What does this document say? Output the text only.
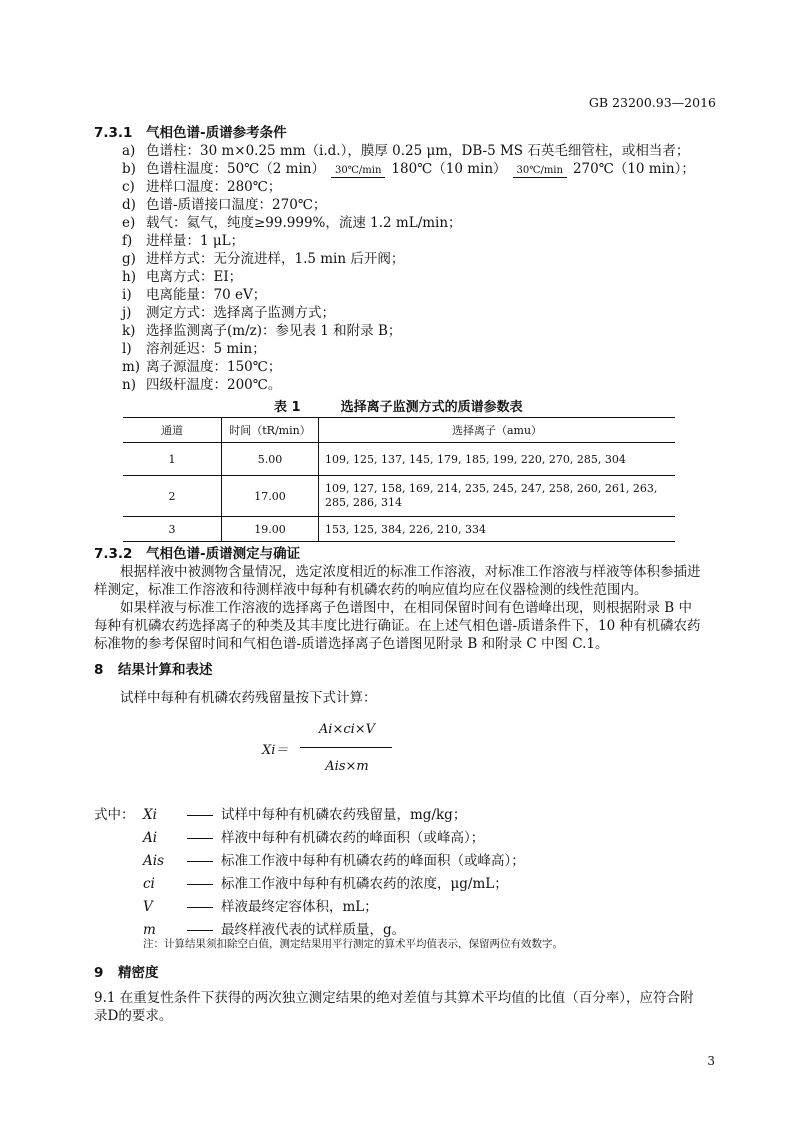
GB 23200.93—2016
7.3.1 气相色谱-质谱参考条件
a) 色谱柱：30 m×0.25 mm（i.d.），膜厚 0.25 μm，DB-5 MS 石英毛细管柱，或相当者；
b) 色谱柱温度：50℃（2 min） 30℃/min 180℃（10 min） 30℃/min 270℃（10 min）；
c) 进样口温度：280℃；
d) 色谱-质谱接口温度：270℃；
e) 载气：氦气，纯度≥99.999%，流速 1.2 mL/min；
f) 进样量：1 μL；
g) 进样方式：无分流进样，1.5 min 后开阀；
h) 电离方式：EI；
i) 电离能量：70 eV；
j) 测定方式：选择离子监测方式；
k) 选择监测离子(m/z)：参见表 1 和附录 B；
l) 溶剂延迟：5 min；
m) 离子源温度：150℃；
n) 四级杆温度：200℃。
表 1	选择离子监测方式的质谱参数表
通道	时间（tR/min）	选择离子（amu）
1	5.00	109, 125, 137, 145, 179, 185, 199, 220, 270, 285, 304
2	17.00	109, 127, 158, 169, 214, 235, 245, 247, 258, 260, 261, 263, 285, 286, 314
3	19.00	153, 125, 384, 226, 210, 334
7.3.2 气相色谱-质谱测定与确证
根据样液中被测物含量情况，选定浓度相近的标准工作溶液，对标准工作溶液与样液等体积参插进
样测定，标准工作溶液和待测样液中每种有机磷农药的响应值均应在仪器检测的线性范围内。
如果样液与标准工作溶液的选择离子色谱图中，在相同保留时间有色谱峰出现，则根据附录 B 中
每种有机磷农药选择离子的种类及其丰度比进行确证。在上述气相色谱-质谱条件下，10 种有机磷农药
标准物的参考保留时间和气相色谱-质谱选择离子色谱图见附录 B 和附录 C 中图 C.1。
8 结果计算和表述
试样中每种有机磷农药残留量按下式计算：
Xi＝
Ai×ci×V
Ais×m
式中： Xi	试样中每种有机磷农药残留量，mg/kg；
Ai	样液中每种有机磷农药的峰面积（或峰高）；
Ais	标准工作液中每种有机磷农药的峰面积（或峰高）；
ci	标准工作液中每种有机磷农药的浓度，μg/mL；
V	样液最终定容体积，mL；
m	最终样液代表的试样质量，g。
注：计算结果须扣除空白值，测定结果用平行测定的算术平均值表示，保留两位有效数字。
9 精密度
9.1 在重复性条件下获得的两次独立测定结果的绝对差值与其算术平均值的比值（百分率），应符合附
录D的要求。
3
